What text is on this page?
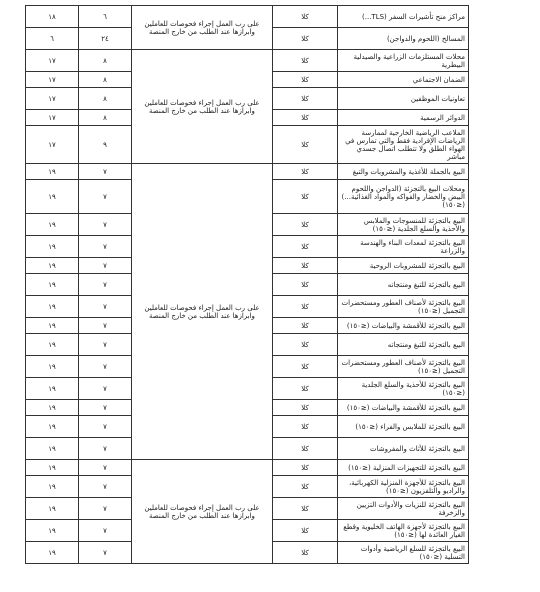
١٨	٦	على رب العمل إجراء فحوصات للعاملين وابرازها عند الطلب من خارج المنصة	كلا	مراكز منح تأشيرات السفر (TLS...)
٦	٢٤		كلا	المسالخ (اللحوم والدواجن)
١٧	٨	على رب العمل إجراء فحوصات للعاملين وابرازها عند الطلب من خارج المنصة	كلا	محلات المستلزمات الزراعية والصيدلية البيطرية
١٧	٨		كلا	الضمان الاجتماعي
١٧	٨		كلا	تعاونيات الموظفين
١٧	٨		كلا	الدوائر الرسمية
١٧	٩		كلا	الملاعب الرياضية الخارجية لممارسة الرياضات الإفرادية فقط والتي تمارس في الهواء الطلق ولا تتطلب اتصال جسدي مباشر
١٩	٧	على رب العمل إجراء فحوصات للعاملين وابرازها عند الطلب من خارج المنصة	كلا	البيع بالجملة للأغذية والمشروبات والتبغ
١٩	٧		كلا	ومحلات البيع بالتجزئة (الدواجن واللحوم البيض والخضار والفواكه والمواد الغذائية...) (≤١٥٠)
١٩	٧		كلا	البيع بالتجزئة للمنسوجات والملابس والأحذية والسلع الجلدية (≤١٥٠)
١٩	٧		كلا	البيع بالتجزئة لمعدات البناء والهندسة والزراعة
١٩	٧		كلا	البيع بالتجزئة للمشروبات الروحية
١٩	٧		كلا	البيع بالتجزئة للتبغ ومنتجاته
١٩	٧		كلا	البيع بالتجزئة لأصناف العطور ومستحضرات التجميل (≤١٥٠)
١٩	٧		كلا	البيع بالتجزئة للأقمشة والبياضات (≤١٥٠)
١٩	٧		كلا	البيع بالتجزئة للتبغ ومنتجاته
١٩	٧		كلا	البيع بالتجزئة لأصناف العطور ومستحضرات التجميل (≤١٥٠)
١٩	٧		كلا	البيع بالتجزئة للأحذية والسلع الجلدية (≤١٥٠)
١٩	٧		كلا	البيع بالتجزئة للأقمشة والبياضات (≤١٥٠)
١٩	٧		كلا	البيع بالتجزئة للملابس والفراء (≤١٥٠)
١٩	٧		كلا	البيع بالتجزئة للأثاث والمفروشات
١٩	٧	على رب العمل إجراء فحوصات للعاملين وابرازها عند الطلب من خارج المنصة	كلا	البيع بالتجزئة للتجهيزات المنزلية (≤١٥٠)
١٩	٧		كلا	البيع بالتجزئة للأجهزة المنزلية الكهربائية، والراديو والتلفزيون (≤١٥٠)
١٩	٧		كلا	البيع بالتجزئة للنزيات والأدوات التزيين والزخرفة
١٩	٧		كلا	البيع بالتجزئة لأجهزة الهاتف الخليوية وقطع الغيار العائدة لها (≤١٥٠)
١٩	٧		كلا	البيع بالتجزئة للسلع الرياضية وأدوات التسلية (≤١٥٠)
